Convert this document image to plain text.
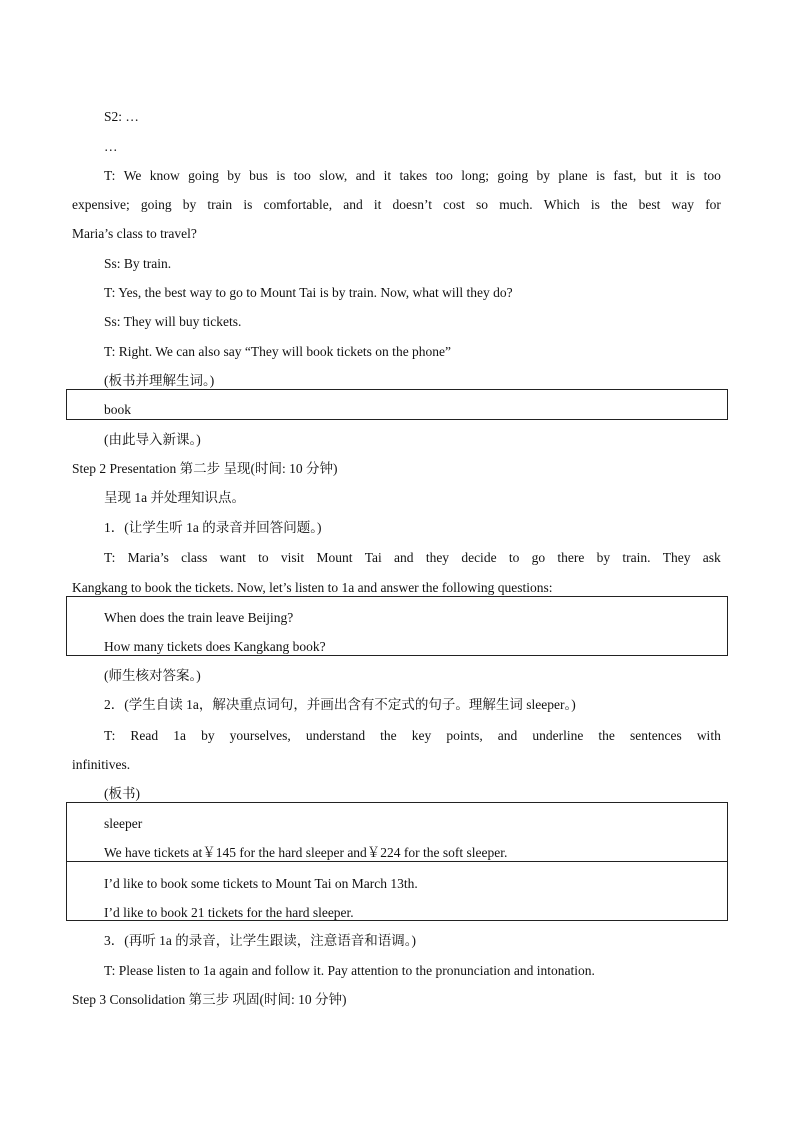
S2: …
…
T: We know going by bus is too slow, and it takes too long; going by plane is fast, but it is too
expensive; going by train is comfortable, and it doesn’t cost so much. Which is the best way for
Maria’s class to travel?
Ss: By train.
T: Yes, the best way to go to Mount Tai is by train. Now, what will they do?
Ss: They will buy tickets.
T: Right. We can also say “They will book tickets on the phone”
(板书并理解生词。)
book
(由此导入新课。)
Step 2 Presentation 第二步 呈现(时间: 10 分钟)
呈现 1a 并处理知识点。
1．(让学生听 1a 的录音并回答问题。)
T: Maria’s class want to visit Mount Tai and they decide to go there by train. They ask
Kangkang to book the tickets. Now, let’s listen to 1a and answer the following questions:
When does the train leave Beijing?
How many tickets does Kangkang book?
(师生核对答案。)
2．(学生自读 1a，解决重点词句，并画出含有不定式的句子。理解生词 sleeper。)
T: Read 1a by yourselves, understand the key points, and underline the sentences with
infinitives.
(板书)
sleeper
We have tickets at￥145 for the hard sleeper and￥224 for the soft sleeper.
I’d like to book some tickets to Mount Tai on March 13th.
I’d like to book 21 tickets for the hard sleeper.
3．(再听 1a 的录音，让学生跟读，注意语音和语调。)
T: Please listen to 1a again and follow it. Pay attention to the pronunciation and intonation.
Step 3 Consolidation 第三步 巩固(时间: 10 分钟)
